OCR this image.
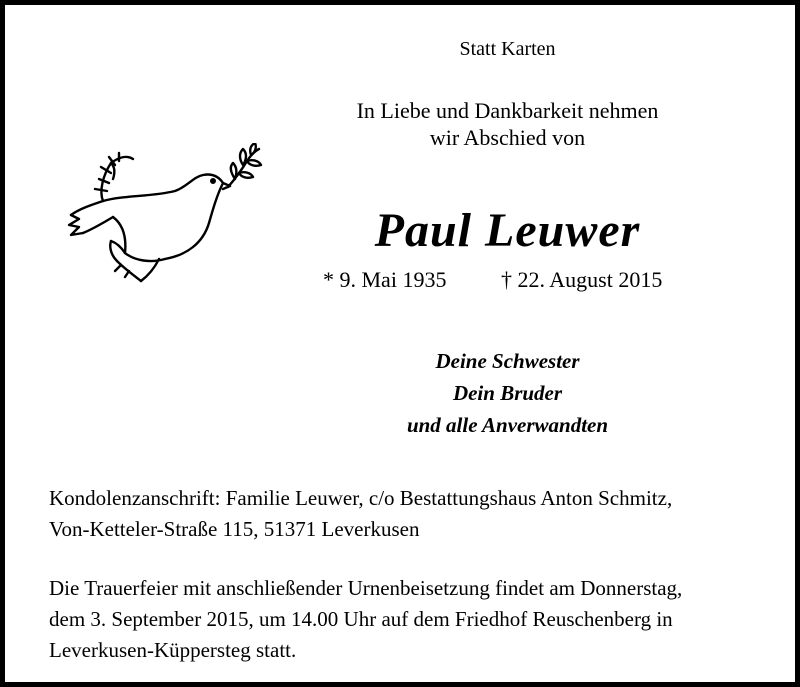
Statt Karten
In Liebe und Dankbarkeit nehmen
wir Abschied von
Paul Leuwer
* 9. Mai 1935 † 22. August 2015
Deine Schwester
Dein Bruder
und alle Anverwandten
Kondolenzanschrift: Familie Leuwer, c/o Bestattungshaus Anton Schmitz,
Von-Ketteler-Straße 115, 51371 Leverkusen
Die Trauerfeier mit anschließender Urnenbeisetzung findet am Donnerstag,
dem 3. September 2015, um 14.00 Uhr auf dem Friedhof Reuschenberg in
Leverkusen-Küppersteg statt.
